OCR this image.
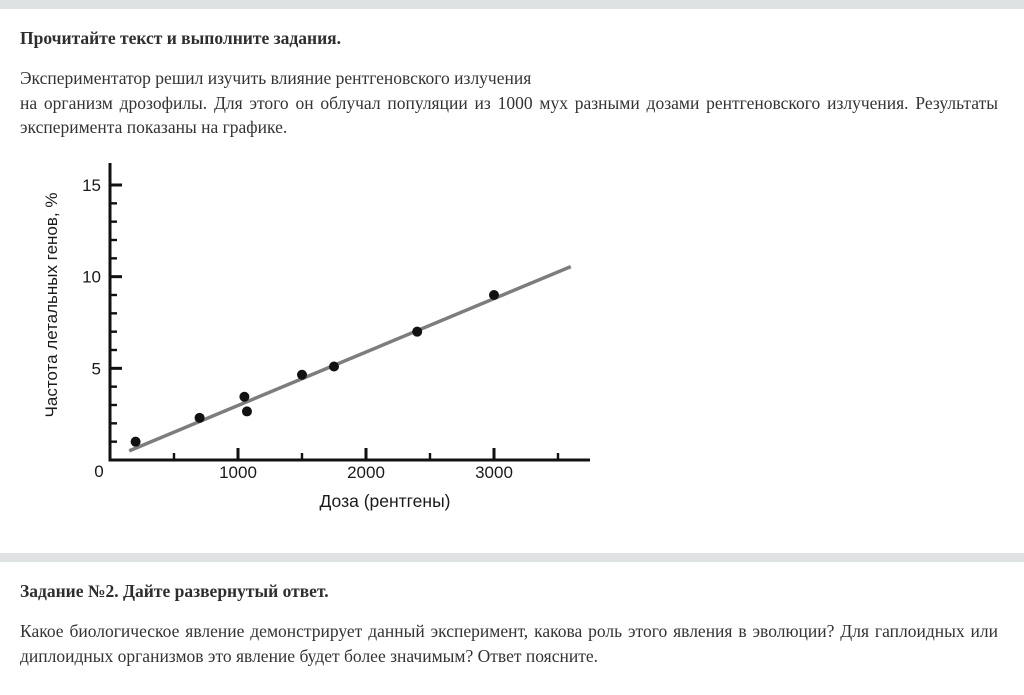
Прочитайте текст и выполните задания.

Экспериментатор решил изучить влияние рентгеновского излучения
на организм дрозофилы. Для этого он облучал популяции из 1000 мух разными дозами рентгеновского излучения. Результаты эксперимента показаны на графике.

5
10
15
1000	2000	3000
0
Доза (рентгены)
Частота летальных генов, %
Задание №2. Дайте развернутый ответ.

Какое биологическое явление демонстрирует данный эксперимент, какова роль этого явления в эволюции? Для гаплоидных или диплоидных организмов это явление будет более значимым? Ответ поясните.
